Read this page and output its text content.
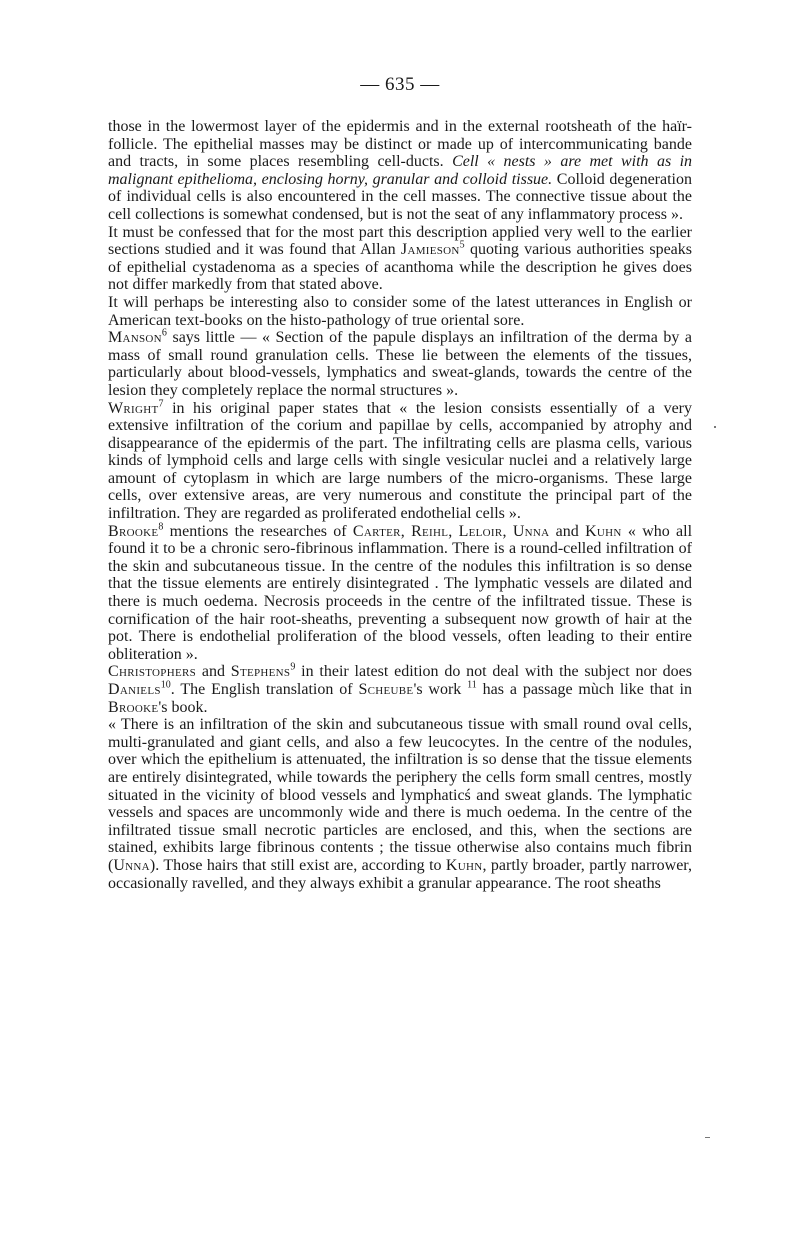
— 635 —

those in the lowermost layer of the epidermis and in the external rootsheath of the haïr-follicle. The epithelial masses may be distinct or made up of intercommunicating bande and tracts, in some places resembling cell-ducts. Cell « nests » are met with as in malignant epithelioma, enclosing horny, granular and colloid tissue. Colloid degeneration of individual cells is also encountered in the cell masses. The connective tissue about the cell collections is somewhat condensed, but is not the seat of any inflammatory process ».

It must be confessed that for the most part this description applied very well to the earlier sections studied and it was found that Allan Jamieson$^5$ quoting various authorities speaks of epithelial cystadenoma as a species of acanthoma while the description he gives does not differ markedly from that stated above.

It will perhaps be interesting also to consider some of the latest utterances in English or American text-books on the histo-pathology of true oriental sore.

Manson$^6$ says little — « Section of the papule displays an infiltration of the derma by a mass of small round granulation cells. These lie between the elements of the tissues, particularly about blood-vessels, lymphatics and sweat-glands, towards the centre of the lesion they completely replace the normal structures ».

Wright$^7$ in his original paper states that « the lesion consists essentially of a very extensive infiltration of the corium and papillae by cells, accompanied by atrophy and disappearance of the epidermis of the part. The infiltrating cells are plasma cells, various kinds of lymphoid cells and large cells with single vesicular nuclei and a relatively large amount of cytoplasm in which are large numbers of the micro-organisms. These large cells, over extensive areas, are very numerous and constitute the principal part of the infiltration. They are regarded as proliferated endothelial cells ».

Brooke$^8$ mentions the researches of Carter, Reihl, Leloir, Unna and Kuhn « who all found it to be a chronic sero-fibrinous inflammation. There is a round-celled infiltration of the skin and subcutaneous tissue. In the centre of the nodules this infiltration is so dense that the tissue elements are entirely disintegrated . The lymphatic vessels are dilated and there is much oedema. Necrosis proceeds in the centre of the infiltrated tissue. These is cornification of the hair root-sheaths, preventing a subsequent now growth of hair at the pot. There is endothelial proliferation of the blood vessels, often leading to their entire obliteration ».

Christophers and Stephens$^9$ in their latest edition do not deal with the subject nor does Daniels$^{10}$. The English translation of Scheube's work $^{11}$ has a passage mùch like that in Brooke's book.

« There is an infiltration of the skin and subcutaneous tissue with small round oval cells, multi-granulated and giant cells, and also a few leucocytes. In the centre of the nodules, over which the epithelium is attenuated, the infiltration is so dense that the tissue elements are entirely disintegrated, while towards the periphery the cells form small centres, mostly situated in the vicinity of blood vessels and lymphaticś and sweat glands. The lymphatic vessels and spaces are uncommonly wide and there is much oedema. In the centre of the infiltrated tissue small necrotic particles are enclosed, and this, when the sections are stained, exhibits large fibrinous contents ; the tissue otherwise also contains much fibrin (Unna). Those hairs that still exist are, according to Kuhn, partly broader, partly narrower, occasionally ravelled, and they always exhibit a granular appearance. The root sheaths
